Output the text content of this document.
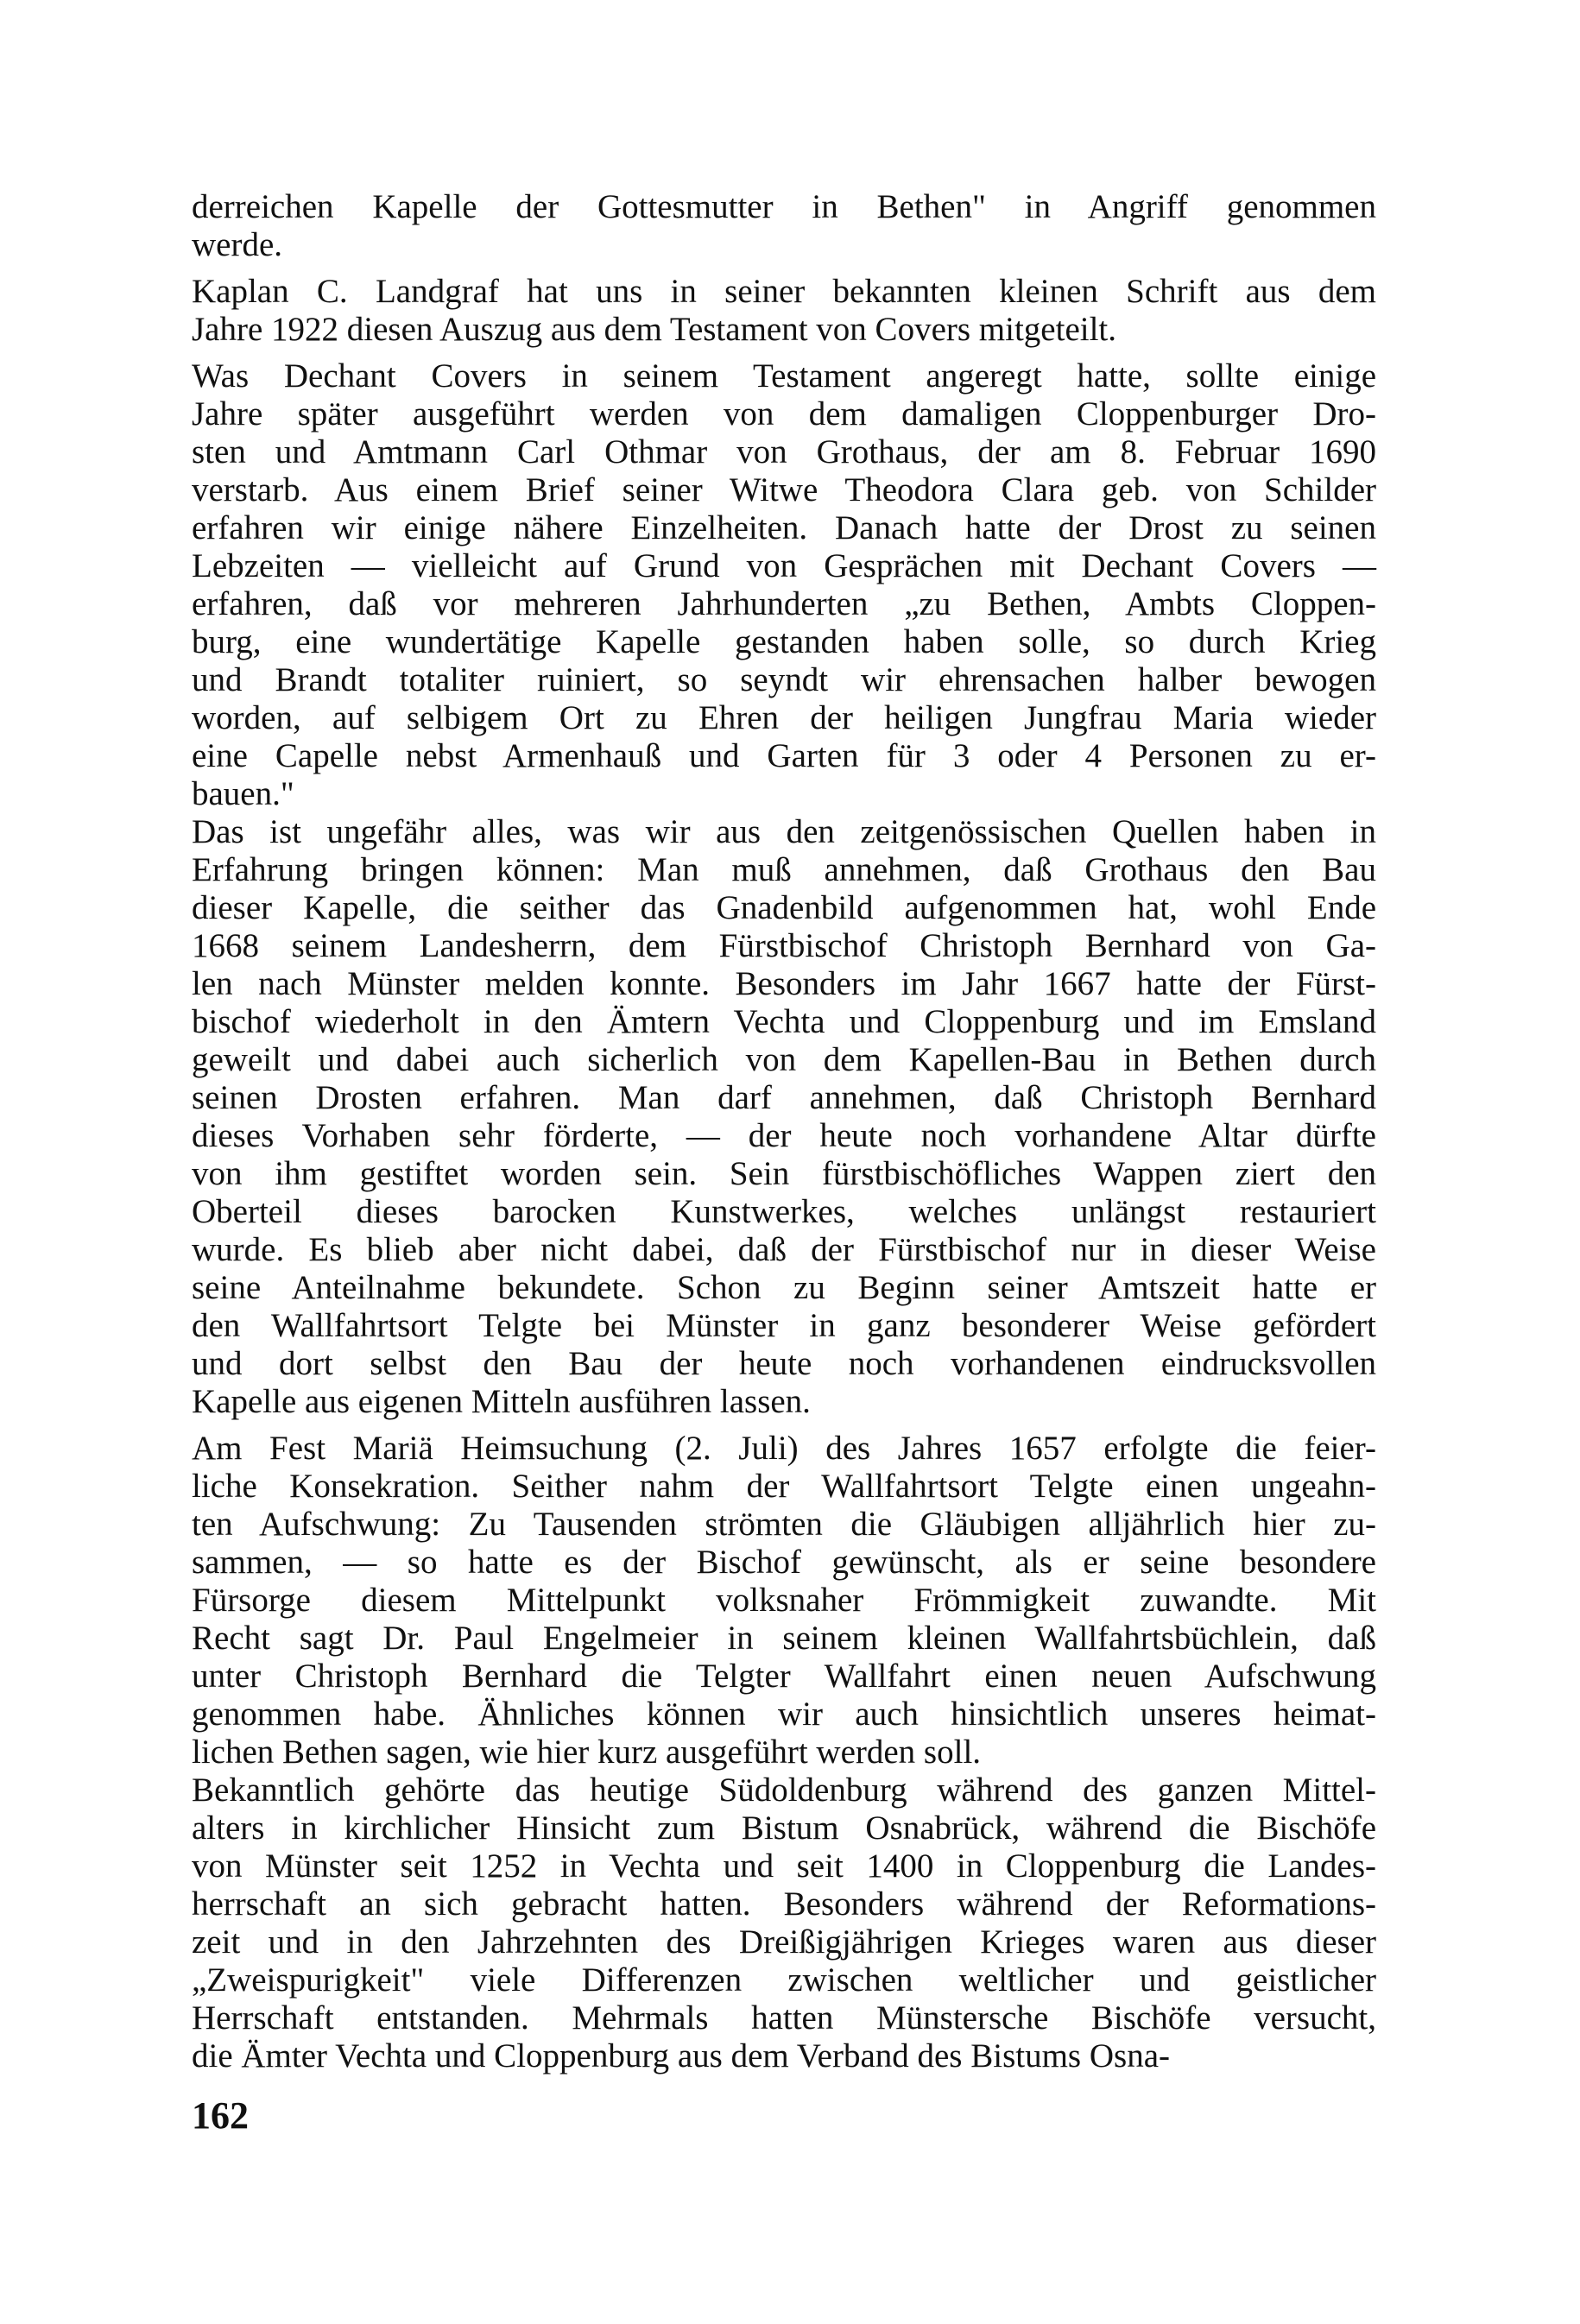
derreichen Kapelle der Gottesmutter in Bethen" in Angriff genommen
werde.
Kaplan C. Landgraf hat uns in seiner bekannten kleinen Schrift aus dem
Jahre 1922 diesen Auszug aus dem Testament von Covers mitgeteilt.
Was Dechant Covers in seinem Testament angeregt hatte, sollte einige
Jahre später ausgeführt werden von dem damaligen Cloppenburger Dro-
sten und Amtmann Carl Othmar von Grothaus, der am 8. Februar 1690
verstarb. Aus einem Brief seiner Witwe Theodora Clara geb. von Schilder
erfahren wir einige nähere Einzelheiten. Danach hatte der Drost zu seinen
Lebzeiten — vielleicht auf Grund von Gesprächen mit Dechant Covers —
erfahren, daß vor mehreren Jahrhunderten „zu Bethen, Ambts Cloppen-
burg, eine wundertätige Kapelle gestanden haben solle, so durch Krieg
und Brandt totaliter ruiniert, so seyndt wir ehrensachen halber bewogen
worden, auf selbigem Ort zu Ehren der heiligen Jungfrau Maria wieder
eine Capelle nebst Armenhauß und Garten für 3 oder 4 Personen zu er-
bauen."
Das ist ungefähr alles, was wir aus den zeitgenössischen Quellen haben in
Erfahrung bringen können: Man muß annehmen, daß Grothaus den Bau
dieser Kapelle, die seither das Gnadenbild aufgenommen hat, wohl Ende
1668 seinem Landesherrn, dem Fürstbischof Christoph Bernhard von Ga-
len nach Münster melden konnte. Besonders im Jahr 1667 hatte der Fürst-
bischof wiederholt in den Ämtern Vechta und Cloppenburg und im Emsland
geweilt und dabei auch sicherlich von dem Kapellen-Bau in Bethen durch
seinen Drosten erfahren. Man darf annehmen, daß Christoph Bernhard
dieses Vorhaben sehr förderte, — der heute noch vorhandene Altar dürfte
von ihm gestiftet worden sein. Sein fürstbischöfliches Wappen ziert den
Oberteil dieses barocken Kunstwerkes, welches unlängst restauriert
wurde. Es blieb aber nicht dabei, daß der Fürstbischof nur in dieser Weise
seine Anteilnahme bekundete. Schon zu Beginn seiner Amtszeit hatte er
den Wallfahrtsort Telgte bei Münster in ganz besonderer Weise gefördert
und dort selbst den Bau der heute noch vorhandenen eindrucksvollen
Kapelle aus eigenen Mitteln ausführen lassen.
Am Fest Mariä Heimsuchung (2. Juli) des Jahres 1657 erfolgte die feier-
liche Konsekration. Seither nahm der Wallfahrtsort Telgte einen ungeahn-
ten Aufschwung: Zu Tausenden strömten die Gläubigen alljährlich hier zu-
sammen, — so hatte es der Bischof gewünscht, als er seine besondere
Fürsorge diesem Mittelpunkt volksnaher Frömmigkeit zuwandte. Mit
Recht sagt Dr. Paul Engelmeier in seinem kleinen Wallfahrtsbüchlein, daß
unter Christoph Bernhard die Telgter Wallfahrt einen neuen Aufschwung
genommen habe. Ähnliches können wir auch hinsichtlich unseres heimat-
lichen Bethen sagen, wie hier kurz ausgeführt werden soll.
Bekanntlich gehörte das heutige Südoldenburg während des ganzen Mittel-
alters in kirchlicher Hinsicht zum Bistum Osnabrück, während die Bischöfe
von Münster seit 1252 in Vechta und seit 1400 in Cloppenburg die Landes-
herrschaft an sich gebracht hatten. Besonders während der Reformations-
zeit und in den Jahrzehnten des Dreißigjährigen Krieges waren aus dieser
„Zweispurigkeit" viele Differenzen zwischen weltlicher und geistlicher
Herrschaft entstanden. Mehrmals hatten Münstersche Bischöfe versucht,
die Ämter Vechta und Cloppenburg aus dem Verband des Bistums Osna-
162
